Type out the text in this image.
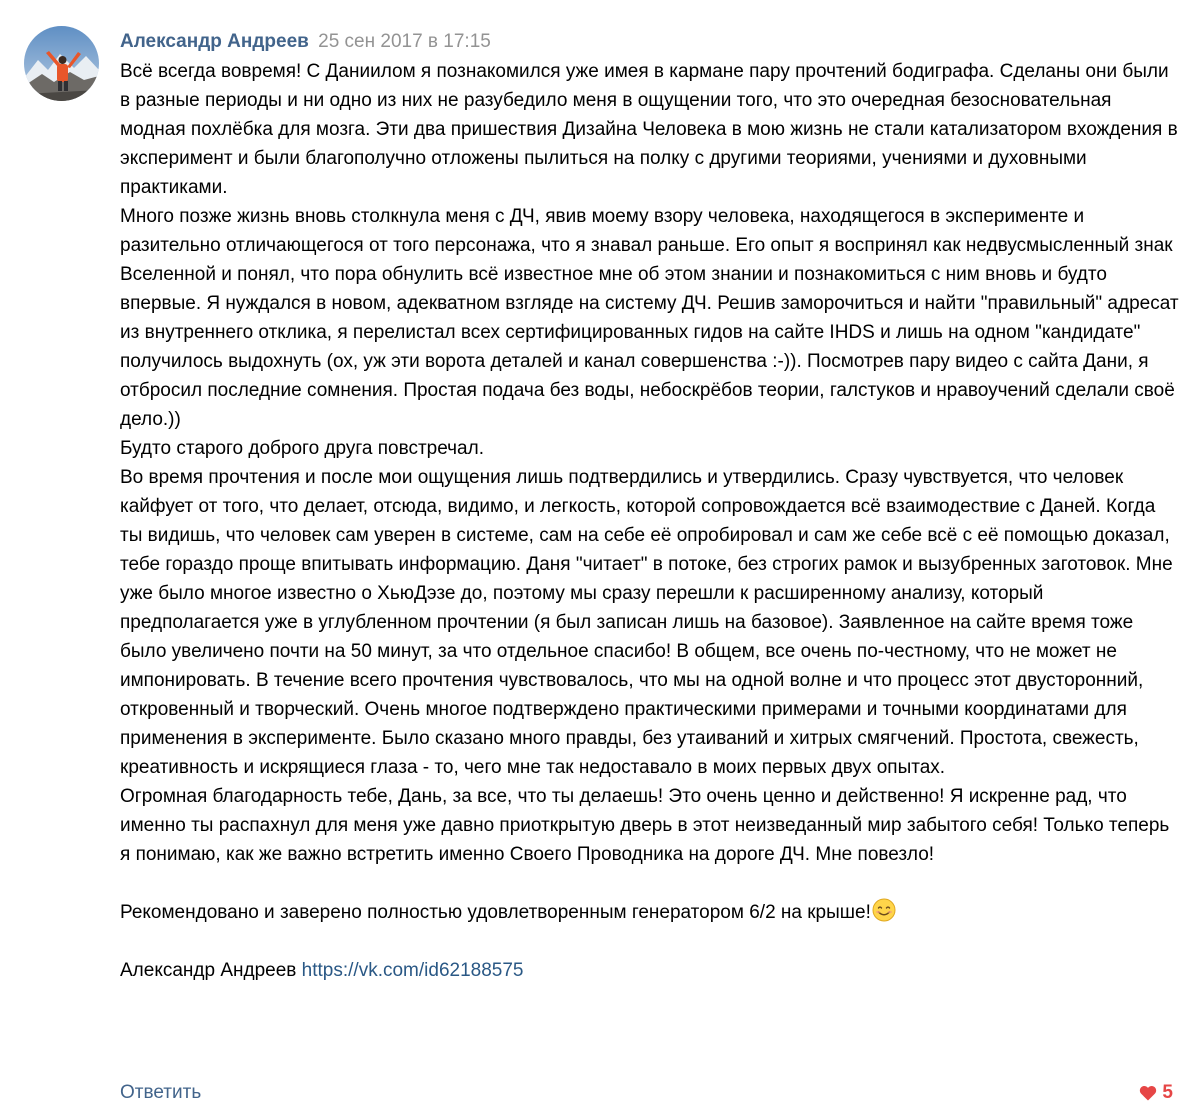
Александр Андреев 25 сен 2017 в 17:15

Всё всегда вовремя! С Даниилом я познакомился уже имея в кармане пару прочтений бодиграфа. Сделаны они были в разные периоды и ни одно из них не разубедило меня в ощущении того, что это очередная безосновательная модная похлёбка для мозга. Эти два пришествия Дизайна Человека в мою жизнь не стали катализатором вхождения в эксперимент и были благополучно отложены пылиться на полку с другими теориями, учениями и духовными практиками.

Много позже жизнь вновь столкнула меня с ДЧ, явив моему взору человека, находящегося в эксперименте и разительно отличающегося от того персонажа, что я знавал раньше. Его опыт я воспринял как недвусмысленный знак Вселенной и понял, что пора обнулить всё известное мне об этом знании и познакомиться с ним вновь и будто впервые. Я нуждался в новом, адекватном взгляде на систему ДЧ. Решив заморочиться и найти "правильный" адресат из внутреннего отклика, я перелистал всех сертифицированных гидов на сайте IHDS и лишь на одном "кандидате" получилось выдохнуть (ох, уж эти ворота деталей и канал совершенства :-)). Посмотрев пару видео с сайта Дани, я отбросил последние сомнения. Простая подача без воды, небоскрёбов теории, галстуков и нравоучений сделали своё дело.))

Будто старого доброго друга повстречал.

Во время прочтения и после мои ощущения лишь подтвердились и утвердились. Сразу чувствуется, что человек кайфует от того, что делает, отсюда, видимо, и легкость, которой сопровождается всё взаимодествие с Даней. Когда ты видишь, что человек сам уверен в системе, сам на себе её опробировал и сам же себе всё с её помощью доказал, тебе гораздо проще впитывать информацию. Даня "читает" в потоке, без строгих рамок и вызубренных заготовок. Мне уже было многое известно о ХьюДэзе до, поэтому мы сразу перешли к расширенному анализу, который предполагается уже в углубленном прочтении (я был записан лишь на базовое). Заявленное на сайте время тоже было увеличено почти на 50 минут, за что отдельное спасибо! В общем, все очень по-честному, что не может не импонировать. В течение всего прочтения чувствовалось, что мы на одной волне и что процесс этот двусторонний, откровенный и творческий. Очень многое подтверждено практическими примерами и точными координатами для применения в эксперименте. Было сказано много правды, без утаиваний и хитрых смягчений. Простота, свежесть, креативность и искрящиеся глаза - то, чего мне так недоставало в моих первых двух опытах.

Огромная благодарность тебе, Дань, за все, что ты делаешь! Это очень ценно и действенно! Я искренне рад, что именно ты распахнул для меня уже давно приоткрытую дверь в этот неизведанный мир забытого себя! Только теперь я понимаю, как же важно встретить именно Своего Проводника на дороге ДЧ. Мне повезло!

Рекомендовано и заверено полностью удовлетворенным генератором 6/2 на крыше!

Александр Андреев https://vk.com/id62188575

Ответить	5
